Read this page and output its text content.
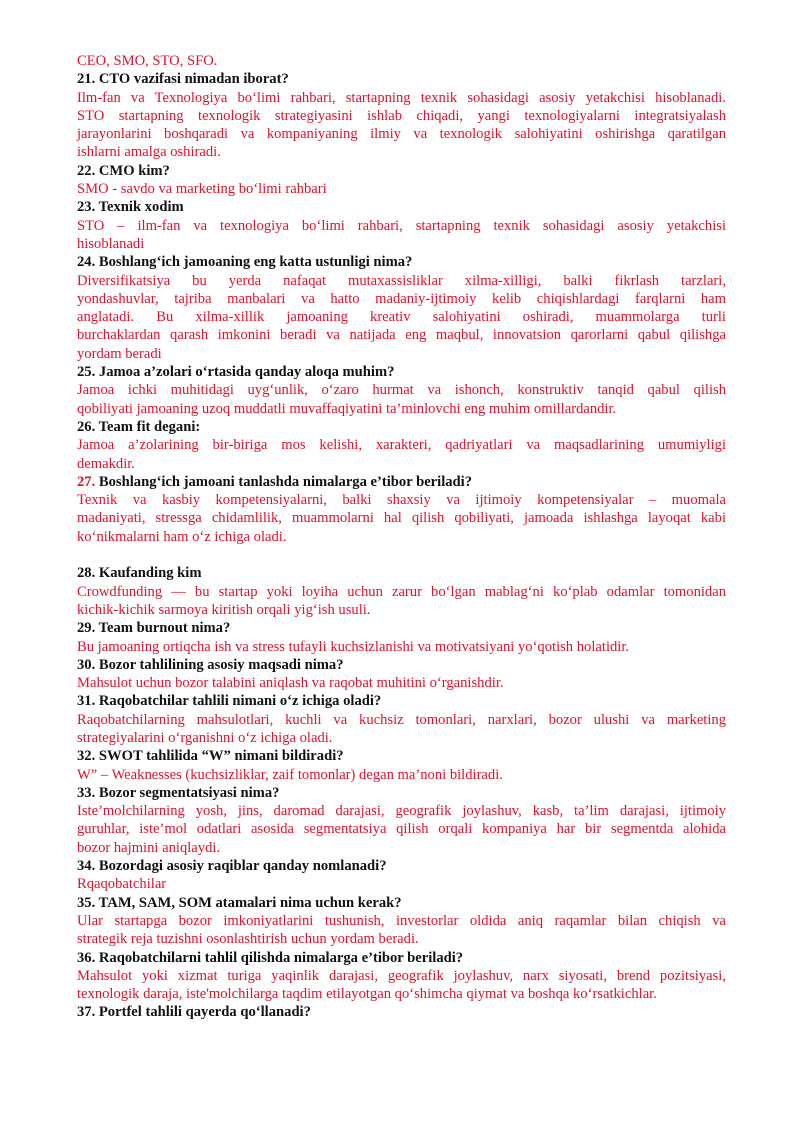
CEO, SMO, STO, SFO.
21. CTO vazifasi nimadan iborat?
Ilm-fan va Texnologiya bo‘limi rahbari, startapning texnik sohasidagi asosiy yetakchisi hisoblanadi.
STO startapning texnologik strategiyasini ishlab chiqadi, yangi texnologiyalarni integratsiyalash
jarayonlarini boshqaradi va kompaniyaning ilmiy va texnologik salohiyatini oshirishga qaratilgan
ishlarni amalga oshiradi.
22. CMO kim?
SMO - savdo va marketing bo‘limi rahbari
23. Texnik xodim
STO – ilm-fan va texnologiya bo‘limi rahbari, startapning texnik sohasidagi asosiy yetakchisi
hisoblanadi
24. Boshlang‘ich jamoaning eng katta ustunligi nima?
Diversifikatsiya bu yerda nafaqat mutaxassisliklar xilma-xilligi, balki fikrlash tarzlari,
yondashuvlar, tajriba manbalari va hatto madaniy-ijtimoiy kelib chiqishlardagi farqlarni ham
anglatadi. Bu xilma-xillik jamoaning kreativ salohiyatini oshiradi, muammolarga turli
burchaklardan qarash imkonini beradi va natijada eng maqbul, innovatsion qarorlarni qabul qilishga
yordam beradi
25. Jamoa a’zolari o‘rtasida qanday aloqa muhim?
Jamoa ichki muhitidagi uyg‘unlik, o‘zaro hurmat va ishonch, konstruktiv tanqid qabul qilish
qobiliyati jamoaning uzoq muddatli muvaffaqiyatini ta’minlovchi eng muhim omillardandir.
26. Team fit degani:
Jamoa a’zolarining bir-biriga mos kelishi, xarakteri, qadriyatlari va maqsadlarining umumiyligi
demakdir.
27. Boshlang‘ich jamoani tanlashda nimalarga e’tibor beriladi?
Texnik va kasbiy kompetensiyalarni, balki shaxsiy va ijtimoiy kompetensiyalar – muomala
madaniyati, stressga chidamlilik, muammolarni hal qilish qobiliyati, jamoada ishlashga layoqat kabi
ko‘nikmalarni ham o‘z ichiga oladi.
28. Kaufanding kim
Crowdfunding — bu startap yoki loyiha uchun zarur bo‘lgan mablag‘ni ko‘plab odamlar tomonidan
kichik-kichik sarmoya kiritish orqali yig‘ish usuli.
29. Team burnout nima?
Bu jamoaning ortiqcha ish va stress tufayli kuchsizlanishi va motivatsiyani yo‘qotish holatidir.
30. Bozor tahlilining asosiy maqsadi nima?
Mahsulot uchun bozor talabini aniqlash va raqobat muhitini o‘rganishdir.
31. Raqobatchilar tahlili nimani o‘z ichiga oladi?
Raqobatchilarning mahsulotlari, kuchli va kuchsiz tomonlari, narxlari, bozor ulushi va marketing
strategiyalarini o‘rganishni o‘z ichiga oladi.
32. SWOT tahlilida “W” nimani bildiradi?
W” – Weaknesses (kuchsizliklar, zaif tomonlar) degan ma’noni bildiradi.
33. Bozor segmentatsiyasi nima?
Iste’molchilarning yosh, jins, daromad darajasi, geografik joylashuv, kasb, ta’lim darajasi, ijtimoiy
guruhlar, iste’mol odatlari asosida segmentatsiya qilish orqali kompaniya har bir segmentda alohida
bozor hajmini aniqlaydi.
34. Bozordagi asosiy raqiblar qanday nomlanadi?
Rqaqobatchilar
35. TAM, SAM, SOM atamalari nima uchun kerak?
Ular startapga bozor imkoniyatlarini tushunish, investorlar oldida aniq raqamlar bilan chiqish va
strategik reja tuzishni osonlashtirish uchun yordam beradi.
36. Raqobatchilarni tahlil qilishda nimalarga e’tibor beriladi?
Mahsulot yoki xizmat turiga yaqinlik darajasi, geografik joylashuv, narx siyosati, brend pozitsiyasi,
texnologik daraja, iste'molchilarga taqdim etilayotgan qo‘shimcha qiymat va boshqa ko‘rsatkichlar.
37. Portfel tahlili qayerda qo‘llanadi?
